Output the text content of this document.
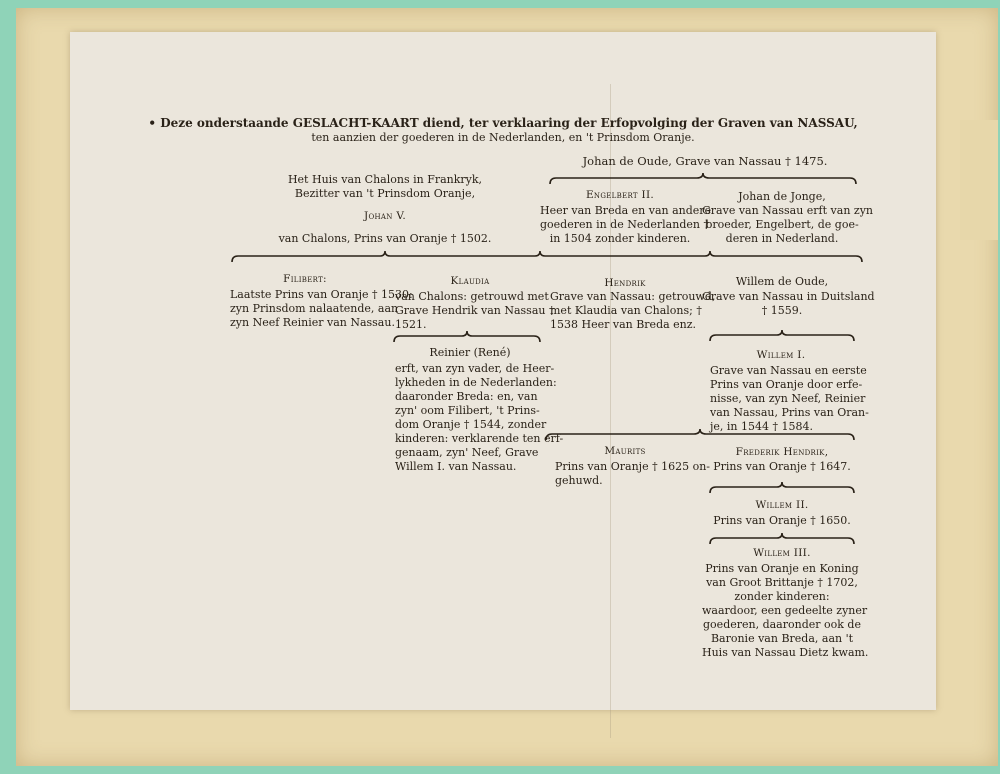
• Deze onderstaande GESLACHT-KAART diend, ter verklaaring der Erfopvolging der Graven van NASSAU,
ten aanzien der goederen in de Nederlanden, en 't Prinsdom Oranje.
Johan de Oude, Grave van Nassau † 1475.
Het Huis van Chalons in Frankryk,
Bezitter van 't Prinsdom Oranje,
Johan V.
van Chalons, Prins van Oranje † 1502.
Engelbert II.
Heer van Breda en van andere
goederen in de Nederlanden †
in 1504 zonder kinderen.
Johan de Jonge,
Grave van Nassau erft van zyn
broeder, Engelbert, de goe-
deren in Nederland.
Filibert:
Laatste Prins van Oranje † 1530:
zyn Prinsdom nalaatende, aan
zyn Neef Reinier van Nassau.
Klaudia
van Chalons: getrouwd met
Grave Hendrik van Nassau †
1521.
Hendrik
Grave van Nassau: getrouwd,
met Klaudia van Chalons; †
1538 Heer van Breda enz.
Willem de Oude,
Grave van Nassau in Duitsland
† 1559.
Reinier (René)
erft, van zyn vader, de Heer-
lykheden in de Nederlanden:
daaronder Breda: en, van
zyn' oom Filibert, 't Prins-
dom Oranje † 1544, zonder
kinderen: verklarende ten erf-
genaam, zyn' Neef, Grave
Willem I. van Nassau.
Willem I.
Grave van Nassau en eerste
Prins van Oranje door erfe-
nisse, van zyn Neef, Reinier
van Nassau, Prins van Oran-
je, in 1544 † 1584.
Maurits
Prins van Oranje † 1625 on-
gehuwd.
Frederik Hendrik,
Prins van Oranje † 1647.
Willem II.
Prins van Oranje † 1650.
Willem III.
Prins van Oranje en Koning
van Groot Brittanje † 1702,
zonder kinderen:
waardoor, een gedeelte zyner
goederen, daaronder ook de
Baronie van Breda, aan 't
Huis van Nassau Dietz kwam.
